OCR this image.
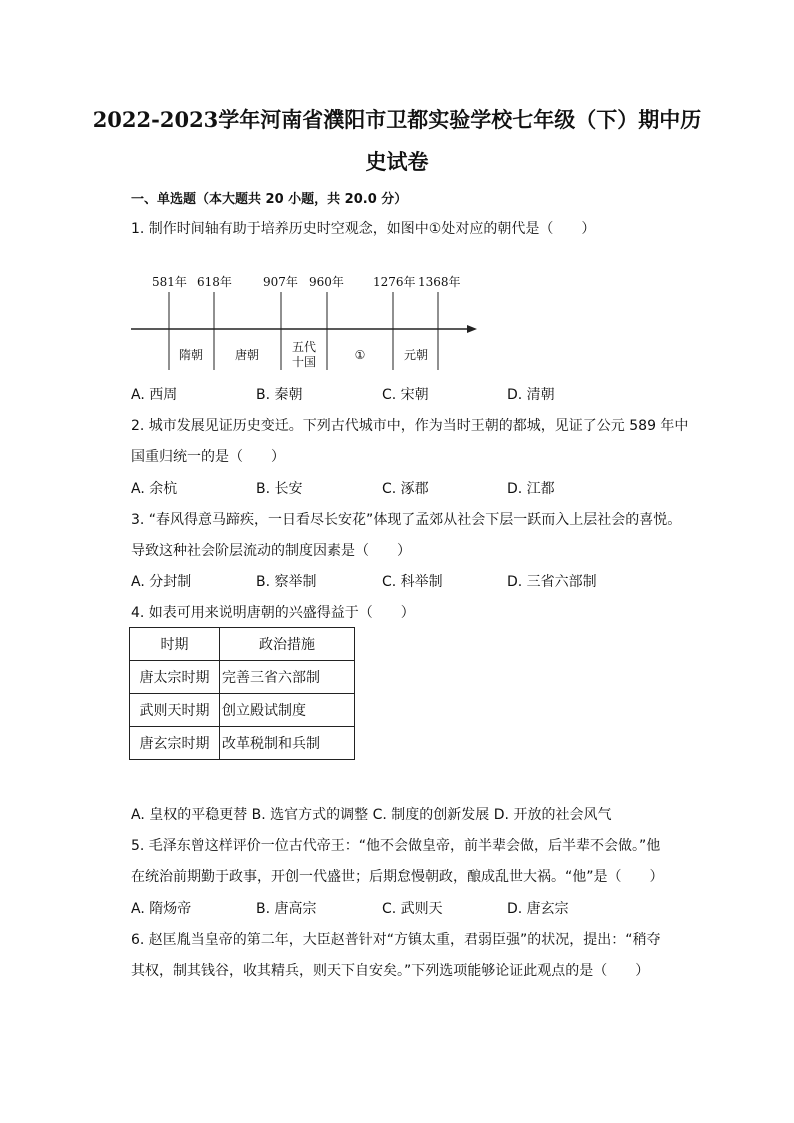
2022-2023学年河南省濮阳市卫都实验学校七年级（下）期中历
史试卷
一、单选题（本大题共 20 小题，共 20.0 分）
1. 制作时间轴有助于培养历史时空观念，如图中①处对应的朝代是（　　）
581年 618年	907年 960年 1276年 1368年
隋朝	唐朝
五代
十国	①	元朝
A. 西周	B. 秦朝	C. 宋朝	D. 清朝
2. 城市发展见证历史变迁。下列古代城市中，作为当时王朝的都城，见证了公元 589 年中
国重归统一的是（　　）
A. 余杭	B. 长安	C. 涿郡	D. 江都
3. “春风得意马蹄疾，一日看尽长安花”体现了孟郊从社会下层一跃而入上层社会的喜悦。
导致这种社会阶层流动的制度因素是（　　）
A. 分封制	B. 察举制	C. 科举制	D. 三省六部制
4. 如表可用来说明唐朝的兴盛得益于（　　）
时期	政治措施
唐太宗时期	完善三省六部制
武则天时期	创立殿试制度
唐玄宗时期	改革税制和兵制
A. 皇权的平稳更替 B. 选官方式的调整 C. 制度的创新发展 D. 开放的社会风气
5. 毛泽东曾这样评价一位古代帝王：“他不会做皇帝，前半辈会做，后半辈不会做。”他
在统治前期勤于政事，开创一代盛世；后期怠慢朝政，酿成乱世大祸。“他”是（　　）
A. 隋炀帝	B. 唐高宗	C. 武则天	D. 唐玄宗
6. 赵匡胤当皇帝的第二年，大臣赵普针对“方镇太重，君弱臣强”的状况，提出：“稍夺
其权，制其钱谷，收其精兵，则天下自安矣。”下列选项能够论证此观点的是（　　）
